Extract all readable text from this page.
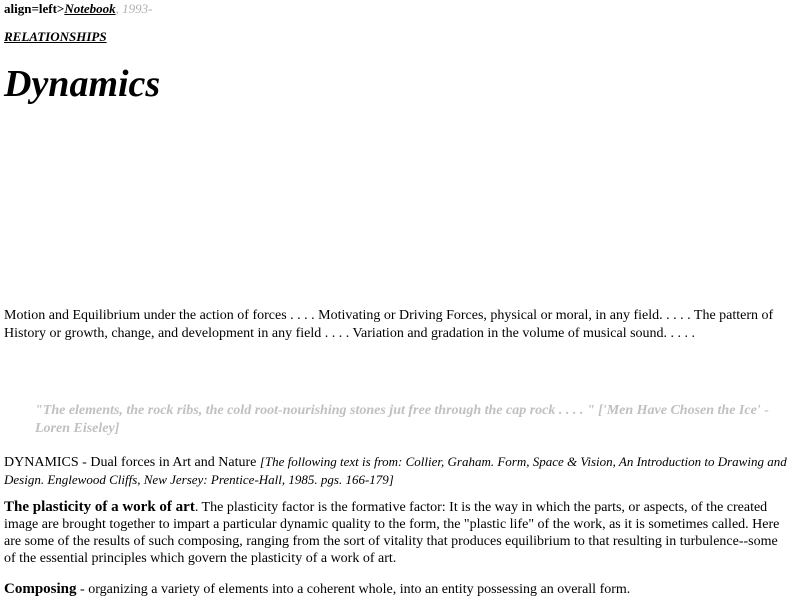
align=left>Notebook, 1993-
RELATIONSHIPS
Dynamics

Motion and Equilibrium under the action of forces . . . . Motivating or Driving Forces, physical or moral, in any field. . . . . The pattern of History or growth, change, and development in any field . . . . Variation and gradation in the volume of musical sound. . . . .

"The elements, the rock ribs, the cold root-nourishing stones jut free through the cap rock . . . . " ['Men Have Chosen the Ice' - Loren Eiseley]

DYNAMICS - Dual forces in Art and Nature [The following text is from: Collier, Graham. Form, Space & Vision, An Introduction to Drawing and Design. Englewood Cliffs, New Jersey: Prentice-Hall, 1985. pgs. 166-179]

The plasticity of a work of art. The plasticity factor is the formative factor: It is the way in which the parts, or aspects, of the created image are brought together to impart a particular dynamic quality to the form, the "plastic life" of the work, as it is sometimes called. Here are some of the results of such composing, ranging from the sort of vitality that produces equilibrium to that resulting in turbulence--some of the essential principles which govern the plasticity of a work of art.

Composing - organizing a variety of elements into a coherent whole, into an entity possessing an overall form.
